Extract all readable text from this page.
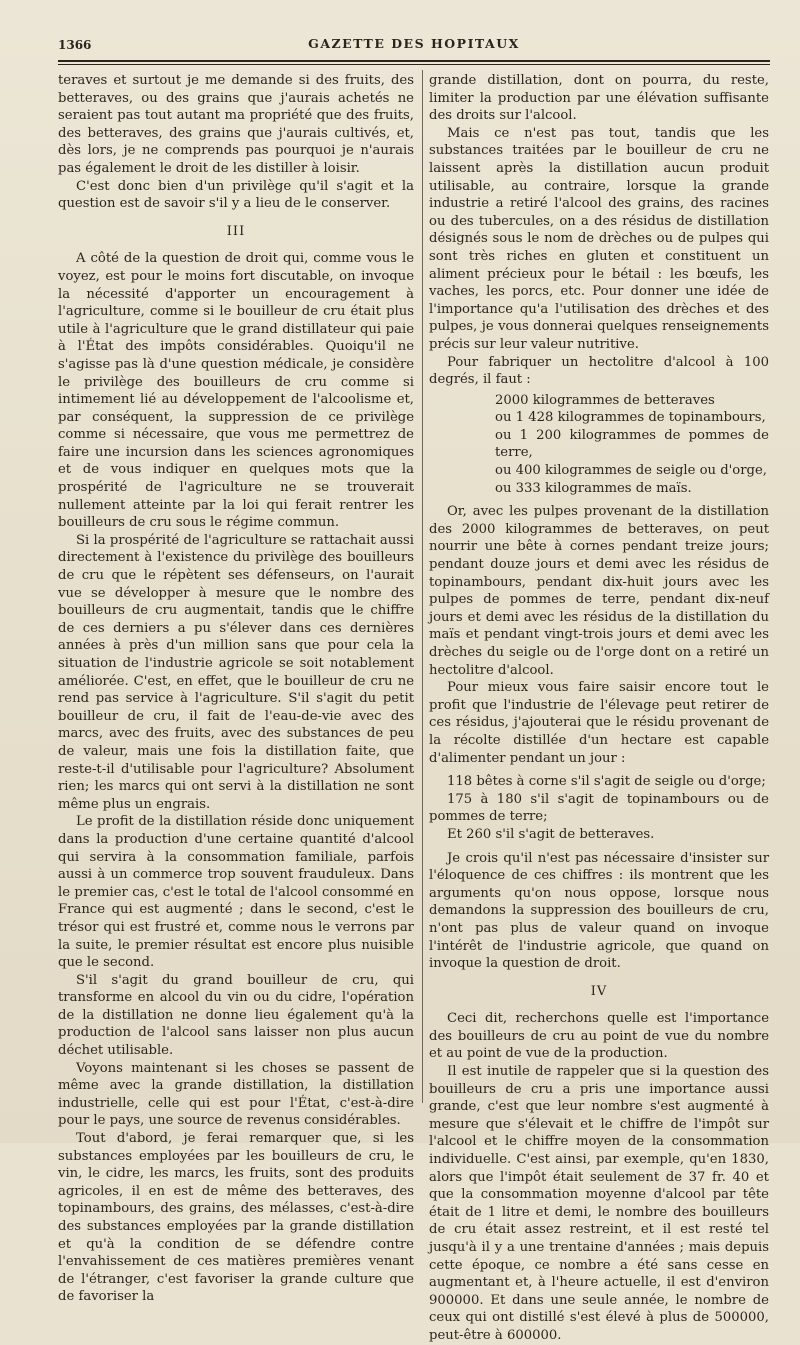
1366	GAZETTE DES HOPITAUX

teraves et surtout je me demande si des fruits, des betteraves, ou des grains que j'aurais achetés ne seraient pas tout autant ma propriété que des fruits, des betteraves, des grains que j'aurais cultivés, et, dès lors, je ne comprends pas pourquoi je n'aurais pas également le droit de les distiller à loisir.

C'est donc bien d'un privilège qu'il s'agit et la question est de savoir s'il y a lieu de le conserver.

III

A côté de la question de droit qui, comme vous le voyez, est pour le moins fort discutable, on invoque la nécessité d'apporter un encouragement à l'agriculture, comme si le bouilleur de cru était plus utile à l'agriculture que le grand distillateur qui paie à l'État des impôts considérables. Quoiqu'il ne s'agisse pas là d'une question médicale, je considère le privilège des bouilleurs de cru comme si intimement lié au développement de l'alcoolisme et, par conséquent, la suppression de ce privilège comme si nécessaire, que vous me permettrez de faire une incursion dans les sciences agronomiques et de vous indiquer en quelques mots que la prospérité de l'agriculture ne se trouverait nullement atteinte par la loi qui ferait rentrer les bouilleurs de cru sous le régime commun.

Si la prospérité de l'agriculture se rattachait aussi directement à l'existence du privilège des bouilleurs de cru que le répètent ses défenseurs, on l'aurait vue se développer à mesure que le nombre des bouilleurs de cru augmentait, tandis que le chiffre de ces derniers a pu s'élever dans ces dernières années à près d'un million sans que pour cela la situation de l'industrie agricole se soit notablement améliorée. C'est, en effet, que le bouilleur de cru ne rend pas service à l'agriculture. S'il s'agit du petit bouilleur de cru, il fait de l'eau-de-vie avec des marcs, avec des fruits, avec des substances de peu de valeur, mais une fois la distillation faite, que reste-t-il d'utilisable pour l'agriculture? Absolument rien; les marcs qui ont servi à la distillation ne sont même plus un engrais.

Le profit de la distillation réside donc uniquement dans la production d'une certaine quantité d'alcool qui servira à la consommation familiale, parfois aussi à un commerce trop souvent frauduleux. Dans le premier cas, c'est le total de l'alcool consommé en France qui est augmenté ; dans le second, c'est le trésor qui est frustré et, comme nous le verrons par la suite, le premier résultat est encore plus nuisible que le second.

S'il s'agit du grand bouilleur de cru, qui transforme en alcool du vin ou du cidre, l'opération de la distillation ne donne lieu également qu'à la production de l'alcool sans laisser non plus aucun déchet utilisable.

Voyons maintenant si les choses se passent de même avec la grande distillation, la distillation industrielle, celle qui est pour l'État, c'est-à-dire pour le pays, une source de revenus considérables.

Tout d'abord, je ferai remarquer que, si les substances employées par les bouilleurs de cru, le vin, le cidre, les marcs, les fruits, sont des produits agricoles, il en est de même des betteraves, des topinambours, des grains, des mélasses, c'est-à-dire des substances employées par la grande distillation et qu'à la condition de se défendre contre l'envahissement de ces matières premières venant de l'étranger, c'est favoriser la grande culture que de favoriser la

grande distillation, dont on pourra, du reste, limiter la production par une élévation suffisante des droits sur l'alcool.

Mais ce n'est pas tout, tandis que les substances traitées par le bouilleur de cru ne laissent après la distillation aucun produit utilisable, au contraire, lorsque la grande industrie a retiré l'alcool des grains, des racines ou des tubercules, on a des résidus de distillation désignés sous le nom de drèches ou de pulpes qui sont très riches en gluten et constituent un aliment précieux pour le bétail : les bœufs, les vaches, les porcs, etc. Pour donner une idée de l'importance qu'a l'utilisation des drèches et des pulpes, je vous donnerai quelques renseignements précis sur leur valeur nutritive.

Pour fabriquer un hectolitre d'alcool à 100 degrés, il faut :

2000 kilogrammes de betteraves

ou 1 428 kilogrammes de topinambours,

ou 1 200 kilogrammes de pommes de terre,

ou 400 kilogrammes de seigle ou d'orge,

ou 333 kilogrammes de maïs.

Or, avec les pulpes provenant de la distillation des 2000 kilogrammes de betteraves, on peut nourrir une bête à cornes pendant treize jours; pendant douze jours et demi avec les résidus de topinambours, pendant dix-huit jours avec les pulpes de pommes de terre, pendant dix-neuf jours et demi avec les résidus de la distillation du maïs et pendant vingt-trois jours et demi avec les drèches du seigle ou de l'orge dont on a retiré un hectolitre d'alcool.

Pour mieux vous faire saisir encore tout le profit que l'industrie de l'élevage peut retirer de ces résidus, j'ajouterai que le résidu provenant de la récolte distillée d'un hectare est capable d'alimenter pendant un jour :

118 bêtes à corne s'il s'agit de seigle ou d'orge;

175 à 180 s'il s'agit de topinambours ou de pommes de terre;

Et 260 s'il s'agit de betteraves.

Je crois qu'il n'est pas nécessaire d'insister sur l'éloquence de ces chiffres : ils montrent que les arguments qu'on nous oppose, lorsque nous demandons la suppression des bouilleurs de cru, n'ont pas plus de valeur quand on invoque l'intérêt de l'industrie agricole, que quand on invoque la question de droit.

IV

Ceci dit, recherchons quelle est l'importance des bouilleurs de cru au point de vue du nombre et au point de vue de la production.

Il est inutile de rappeler que si la question des bouilleurs de cru a pris une importance aussi grande, c'est que leur nombre s'est augmenté à mesure que s'élevait et le chiffre de l'impôt sur l'alcool et le chiffre moyen de la consommation individuelle. C'est ainsi, par exemple, qu'en 1830, alors que l'impôt était seulement de 37 fr. 40 et que la consommation moyenne d'alcool par tête était de 1 litre et demi, le nombre des bouilleurs de cru était assez restreint, et il est resté tel jusqu'à il y a une trentaine d'années ; mais depuis cette époque, ce nombre a été sans cesse en augmentant et, à l'heure actuelle, il est d'environ 900000. Et dans une seule année, le nombre de ceux qui ont distillé s'est élevé à plus de 500000, peut-être à 600000.
